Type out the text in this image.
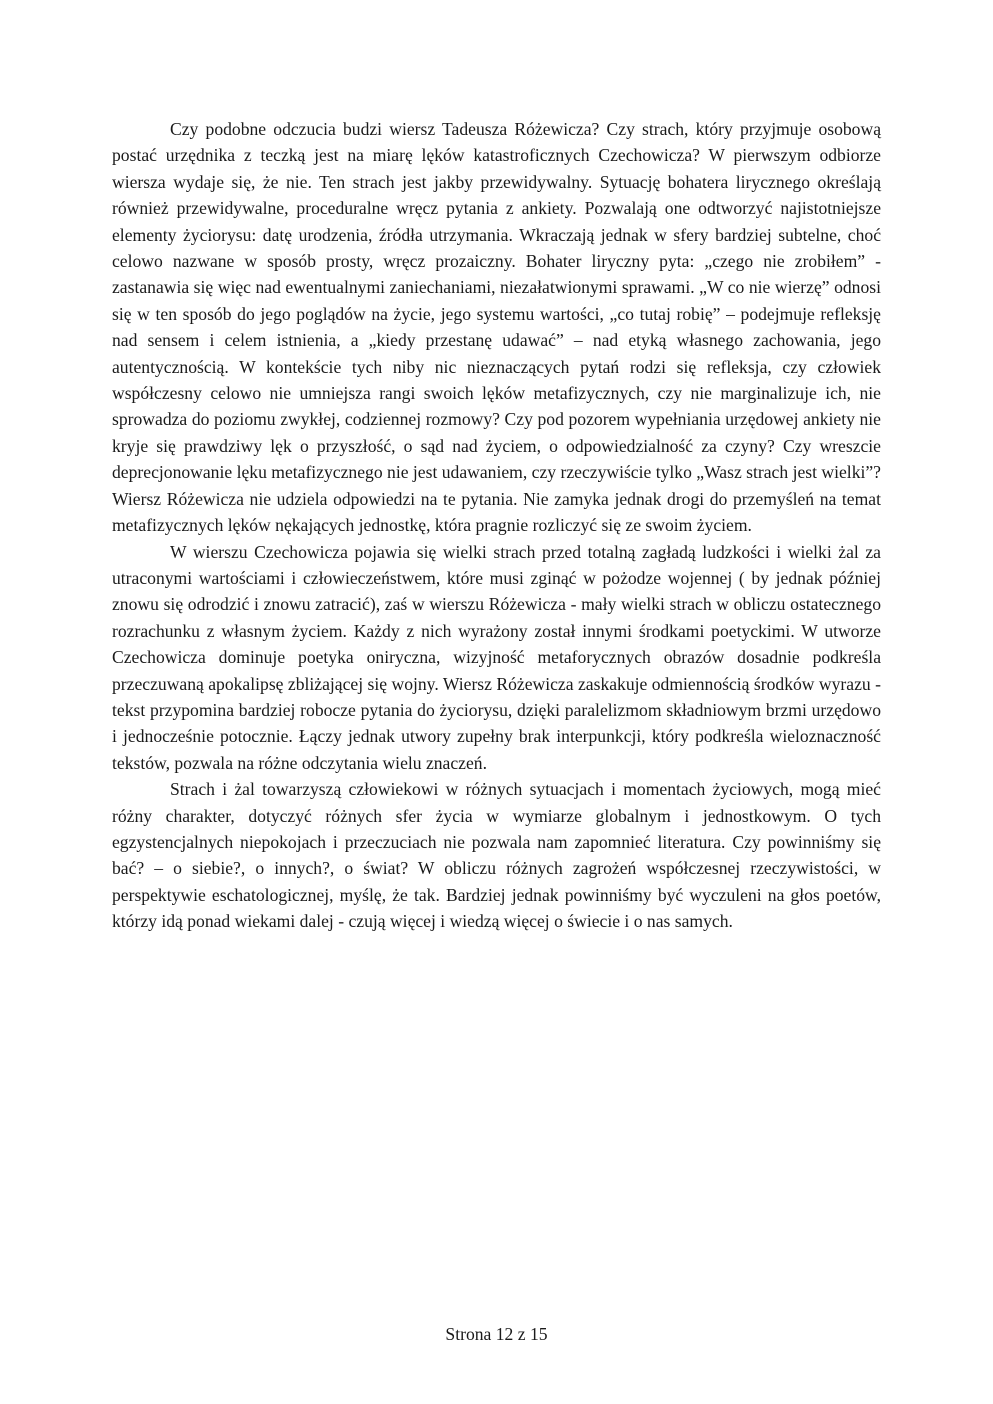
Czy podobne odczucia budzi wiersz Tadeusza Różewicza? Czy strach, który przyjmuje osobową postać urzędnika z teczką jest na miarę lęków katastroficznych Czechowicza? W pierwszym odbiorze wiersza wydaje się, że nie. Ten strach jest jakby przewidywalny. Sytuację bohatera lirycznego określają również przewidywalne, proceduralne wręcz pytania z ankiety. Pozwalają one odtworzyć najistotniejsze elementy życiorysu: datę urodzenia, źródła utrzymania. Wkraczają jednak w sfery bardziej subtelne, choć celowo nazwane w sposób prosty, wręcz prozaiczny. Bohater liryczny pyta: „czego nie zrobiłem” - zastanawia się więc nad ewentualnymi zaniechaniami, niezałatwionymi sprawami. „W co nie wierzę” odnosi się w ten sposób do jego poglądów na życie, jego systemu wartości, „co tutaj robię” – podejmuje refleksję nad sensem i celem istnienia, a „kiedy przestanę udawać” – nad etyką własnego zachowania, jego autentycznością. W kontekście tych niby nic nieznaczących pytań rodzi się refleksja, czy człowiek współczesny celowo nie umniejsza rangi swoich lęków metafizycznych, czy nie marginalizuje ich, nie sprowadza do poziomu zwykłej, codziennej rozmowy? Czy pod pozorem wypełniania urzędowej ankiety nie kryje się prawdziwy lęk o przyszłość, o sąd nad życiem, o odpowiedzialność za czyny? Czy wreszcie deprecjonowanie lęku metafizycznego nie jest udawaniem, czy rzeczywiście tylko „Wasz strach jest wielki”? Wiersz Różewicza nie udziela odpowiedzi na te pytania. Nie zamyka jednak drogi do przemyśleń na temat metafizycznych lęków nękających jednostkę, która pragnie rozliczyć się ze swoim życiem.

W wierszu Czechowicza pojawia się wielki strach przed totalną zagładą ludzkości i wielki żal za utraconymi wartościami i człowieczeństwem, które musi zginąć w pożodze wojennej ( by jednak później znowu się odrodzić i znowu zatracić), zaś w wierszu Różewicza - mały wielki strach w obliczu ostatecznego rozrachunku z własnym życiem. Każdy z nich wyrażony został innymi środkami poetyckimi. W utworze Czechowicza dominuje poetyka oniryczna, wizyjność metaforycznych obrazów dosadnie podkreśla przeczuwaną apokalipsę zbliżającej się wojny. Wiersz Różewicza zaskakuje odmiennością środków wyrazu - tekst przypomina bardziej robocze pytania do życiorysu, dzięki paralelizmom składniowym brzmi urzędowo i jednocześnie potocznie. Łączy jednak utwory zupełny brak interpunkcji, który podkreśla wieloznaczność tekstów, pozwala na różne odczytania wielu znaczeń.

Strach i żal towarzyszą człowiekowi w różnych sytuacjach i momentach życiowych, mogą mieć różny charakter, dotyczyć różnych sfer życia w wymiarze globalnym i jednostkowym. O tych egzystencjalnych niepokojach i przeczuciach nie pozwala nam zapomnieć literatura. Czy powinniśmy się bać? – o siebie?, o innych?, o świat? W obliczu różnych zagrożeń współczesnej rzeczywistości, w perspektywie eschatologicznej, myślę, że tak. Bardziej jednak powinniśmy być wyczuleni na głos poetów, którzy idą ponad wiekami dalej - czują więcej i wiedzą więcej o świecie i o nas samych.

Strona 12 z 15
